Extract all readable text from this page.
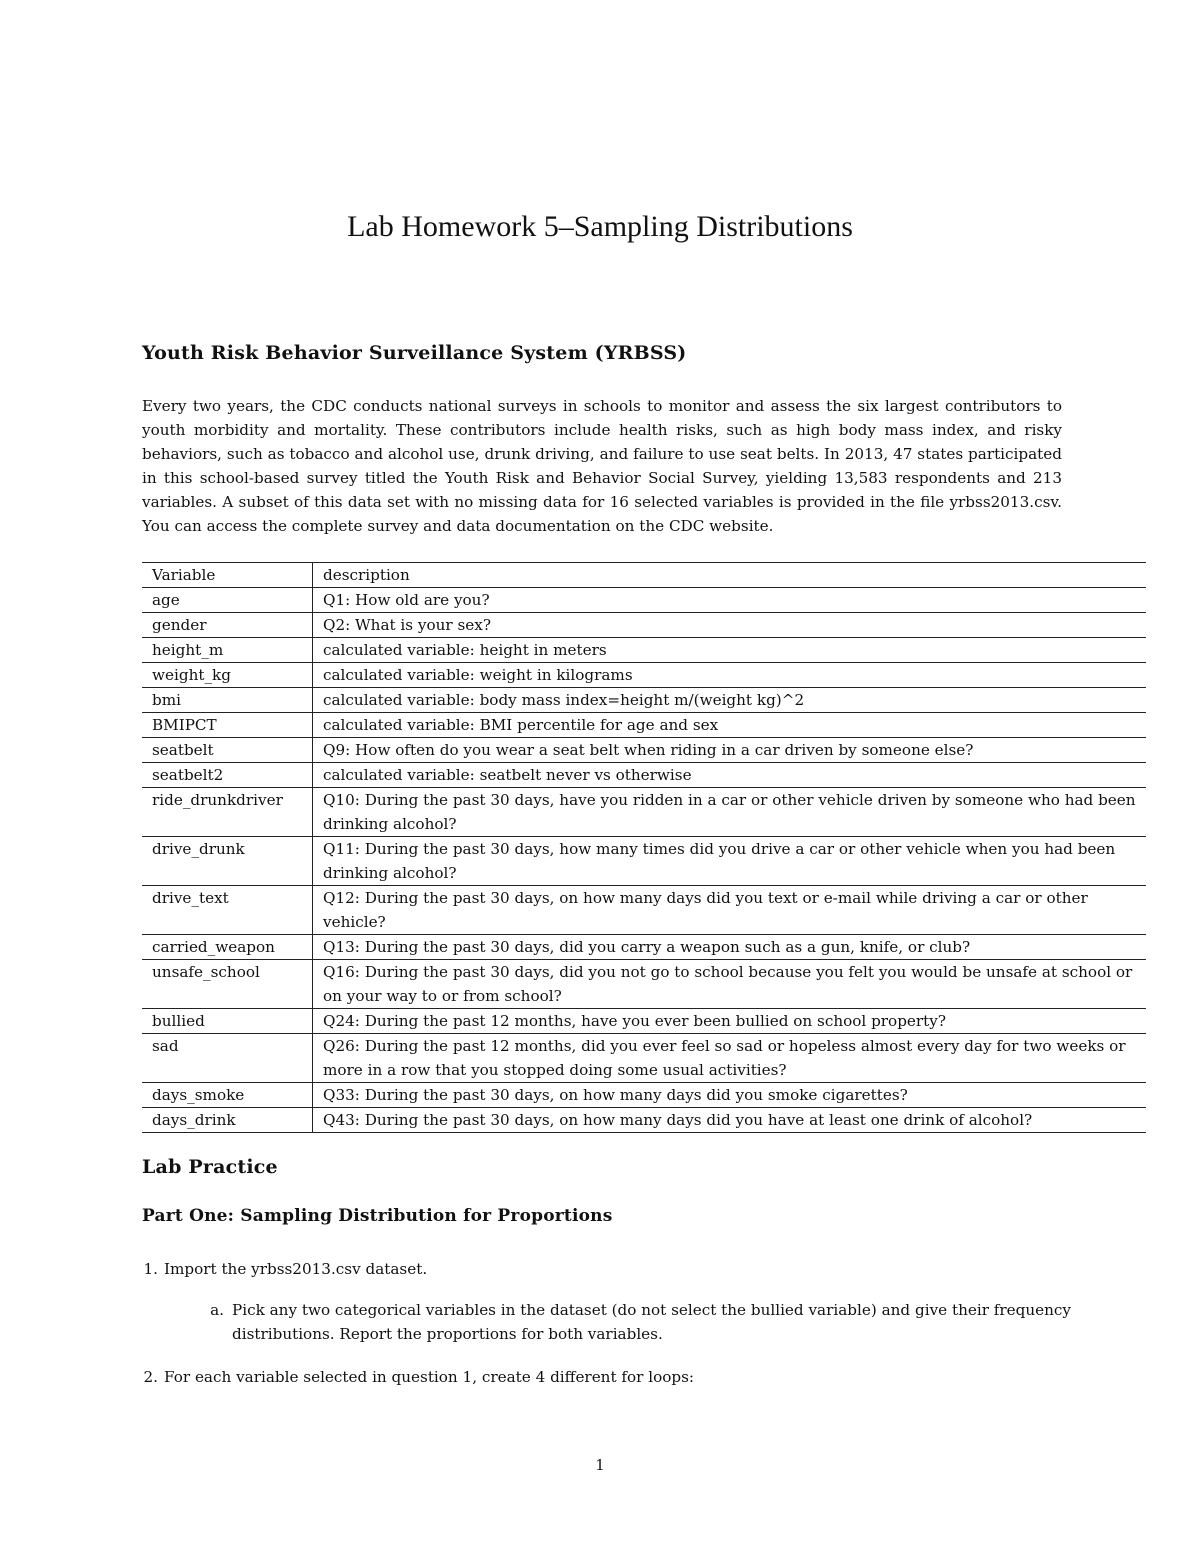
Lab Homework 5–Sampling Distributions
Youth Risk Behavior Surveillance System (YRBSS)

Every two years, the CDC conducts national surveys in schools to monitor and assess the six largest contributors to youth morbidity and mortality. These contributors include health risks, such as high body mass index, and risky behaviors, such as tobacco and alcohol use, drunk driving, and failure to use seat belts. In 2013, 47 states participated in this school-based survey titled the Youth Risk and Behavior Social Survey, yielding 13,583 respondents and 213 variables. A subset of this data set with no missing data for 16 selected variables is provided in the file yrbss2013.csv. You can access the complete survey and data documentation on the CDC website.

Variable	description
age	Q1: How old are you?
gender	Q2: What is your sex?
height_m	calculated variable: height in meters
weight_kg	calculated variable: weight in kilograms
bmi	calculated variable: body mass index=height m/(weight kg)^2
BMIPCT	calculated variable: BMI percentile for age and sex
seatbelt	Q9: How often do you wear a seat belt when riding in a car driven by someone else?
seatbelt2	calculated variable: seatbelt never vs otherwise
ride_drunkdriver	Q10: During the past 30 days, have you ridden in a car or other vehicle driven by someone who had been drinking alcohol?
drive_drunk	Q11: During the past 30 days, how many times did you drive a car or other vehicle when you had been drinking alcohol?
drive_text	Q12: During the past 30 days, on how many days did you text or e-mail while driving a car or other vehicle?
carried_weapon	Q13: During the past 30 days, did you carry a weapon such as a gun, knife, or club?
unsafe_school	Q16: During the past 30 days, did you not go to school because you felt you would be unsafe at school or on your way to or from school?
bullied	Q24: During the past 12 months, have you ever been bullied on school property?
sad	Q26: During the past 12 months, did you ever feel so sad or hopeless almost every day for two weeks or more in a row that you stopped doing some usual activities?
days_smoke	Q33: During the past 30 days, on how many days did you smoke cigarettes?
days_drink	Q43: During the past 30 days, on how many days did you have at least one drink of alcohol?
Lab Practice
Part One: Sampling Distribution for Proportions

1. Import the yrbss2013.csv dataset.

a. Pick any two categorical variables in the dataset (do not select the bullied variable) and give their frequency distributions. Report the proportions for both variables.

2. For each variable selected in question 1, create 4 different for loops:

1
